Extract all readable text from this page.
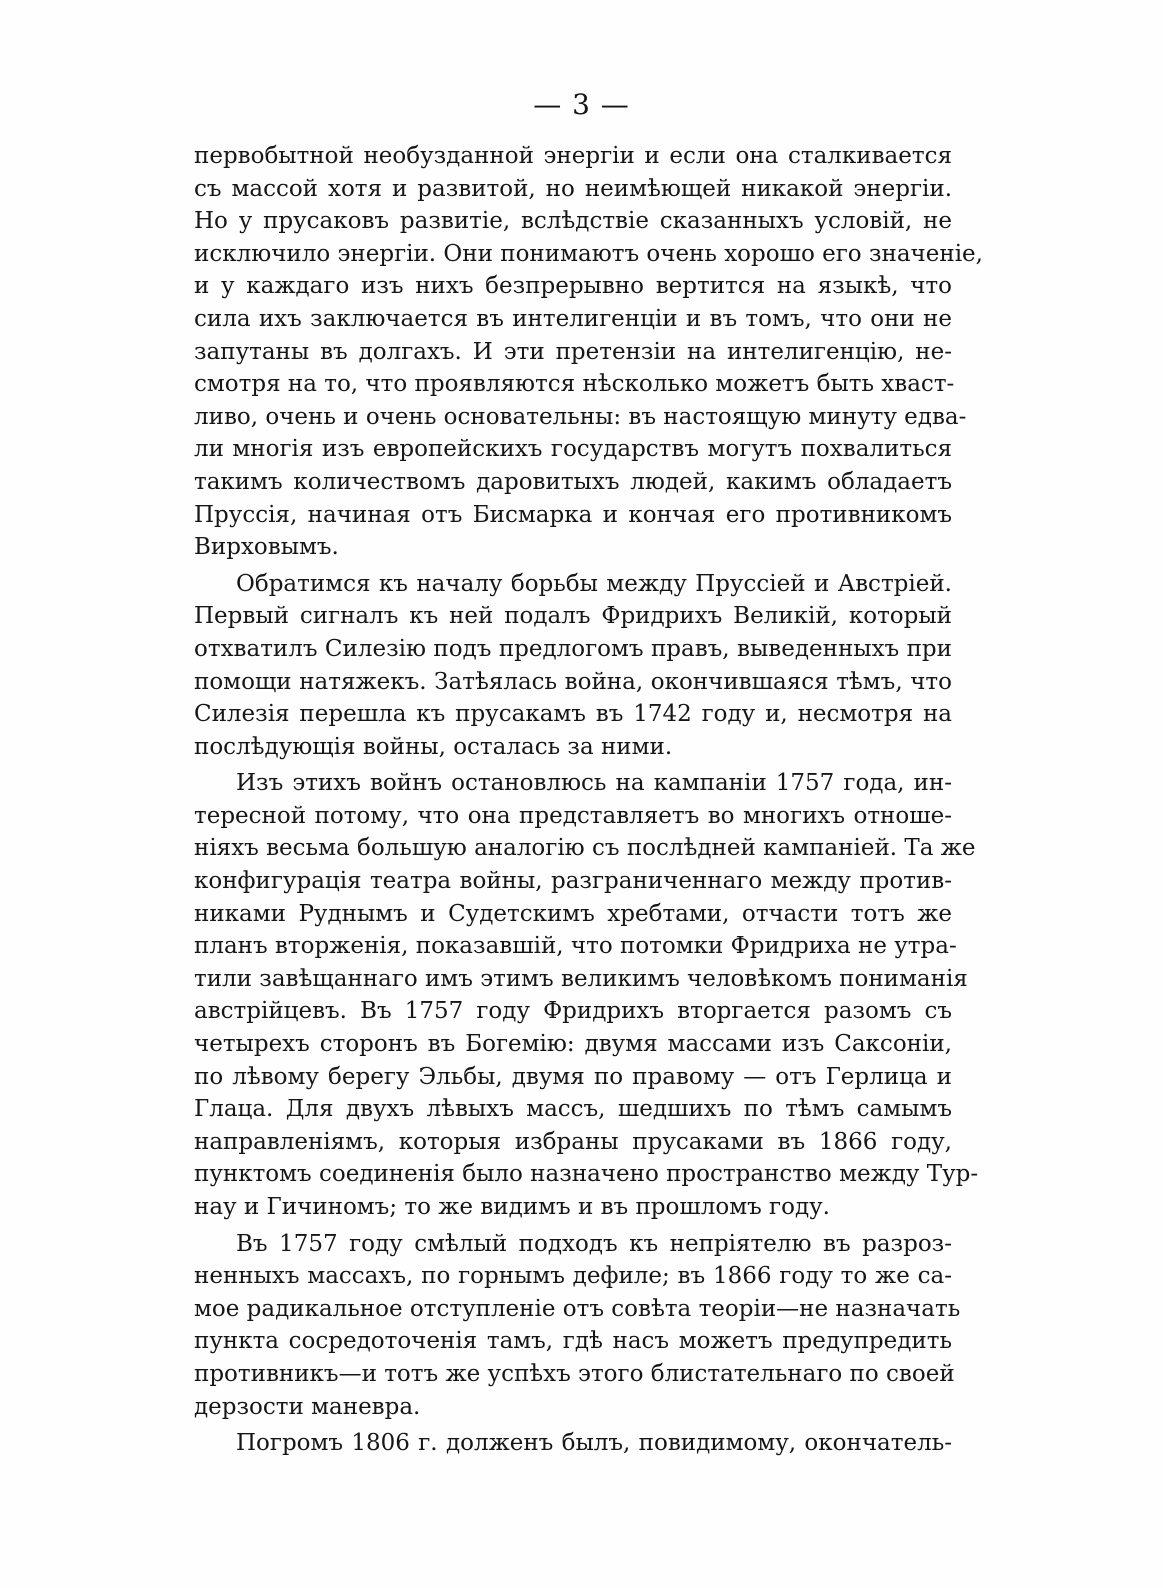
— 3 —
первобытной необузданной энергіи и если она сталкивается
съ массой хотя и развитой, но неимѣющей никакой энергіи.
Но у прусаковъ развитіе, вслѣдствіе сказанныхъ условій, не
исключило энергіи. Они понимаютъ очень хорошо его значеніе,
и у каждаго изъ нихъ безпрерывно вертится на языкѣ, что
сила ихъ заключается въ интелигенціи и въ томъ, что они не
запутаны въ долгахъ. И эти претензіи на интелигенцію, не-
смотря на то, что проявляются нѣсколько можетъ быть хваст-
ливо, очень и очень основательны: въ настоящую минуту едва-
ли многія изъ европейскихъ государствъ могутъ похвалиться
такимъ количествомъ даровитыхъ людей, какимъ обладаетъ
Пруссія, начиная отъ Бисмарка и кончая его противникомъ
Вирховымъ.
Обратимся къ началу борьбы между Пруссіей и Австріей.
Первый сигналъ къ ней подалъ Фридрихъ Великій, который
отхватилъ Силезію подъ предлогомъ правъ, выведенныхъ при
помощи натяжекъ. Затѣялась война, окончившаяся тѣмъ, что
Силезія перешла къ прусакамъ въ 1742 году и, несмотря на
послѣдующія войны, осталась за ними.
Изъ этихъ войнъ остановлюсь на кампаніи 1757 года, ин-
тересной потому, что она представляетъ во многихъ отноше-
ніяхъ весьма большую аналогію съ послѣдней кампаніей. Та же
конфигурація театра войны, разграниченнаго между против-
никами Руднымъ и Судетскимъ хребтами, отчасти тотъ же
планъ вторженія, показавшій, что потомки Фридриха не утра-
тили завѣщаннаго имъ этимъ великимъ человѣкомъ пониманія
австрійцевъ. Въ 1757 году Фридрихъ вторгается разомъ съ
четырехъ сторонъ въ Богемію: двумя массами изъ Саксоніи,
по лѣвому берегу Эльбы, двумя по правому — отъ Герлица и
Глаца. Для двухъ лѣвыхъ массъ, шедшихъ по тѣмъ самымъ
направленіямъ, которыя избраны прусаками въ 1866 году,
пунктомъ соединенія было назначено пространство между Тур-
нау и Гичиномъ; то же видимъ и въ прошломъ году.
Въ 1757 году смѣлый подходъ къ непріятелю въ разроз-
ненныхъ массахъ, по горнымъ дефиле; въ 1866 году то же са-
мое радикальное отступленіе отъ совѣта теоріи—не назначать
пункта сосредоточенія тамъ, гдѣ насъ можетъ предупредить
противникъ—и тотъ же успѣхъ этого блистательнаго по своей
дерзости маневра.
Погромъ 1806 г. долженъ былъ, повидимому, окончатель-
